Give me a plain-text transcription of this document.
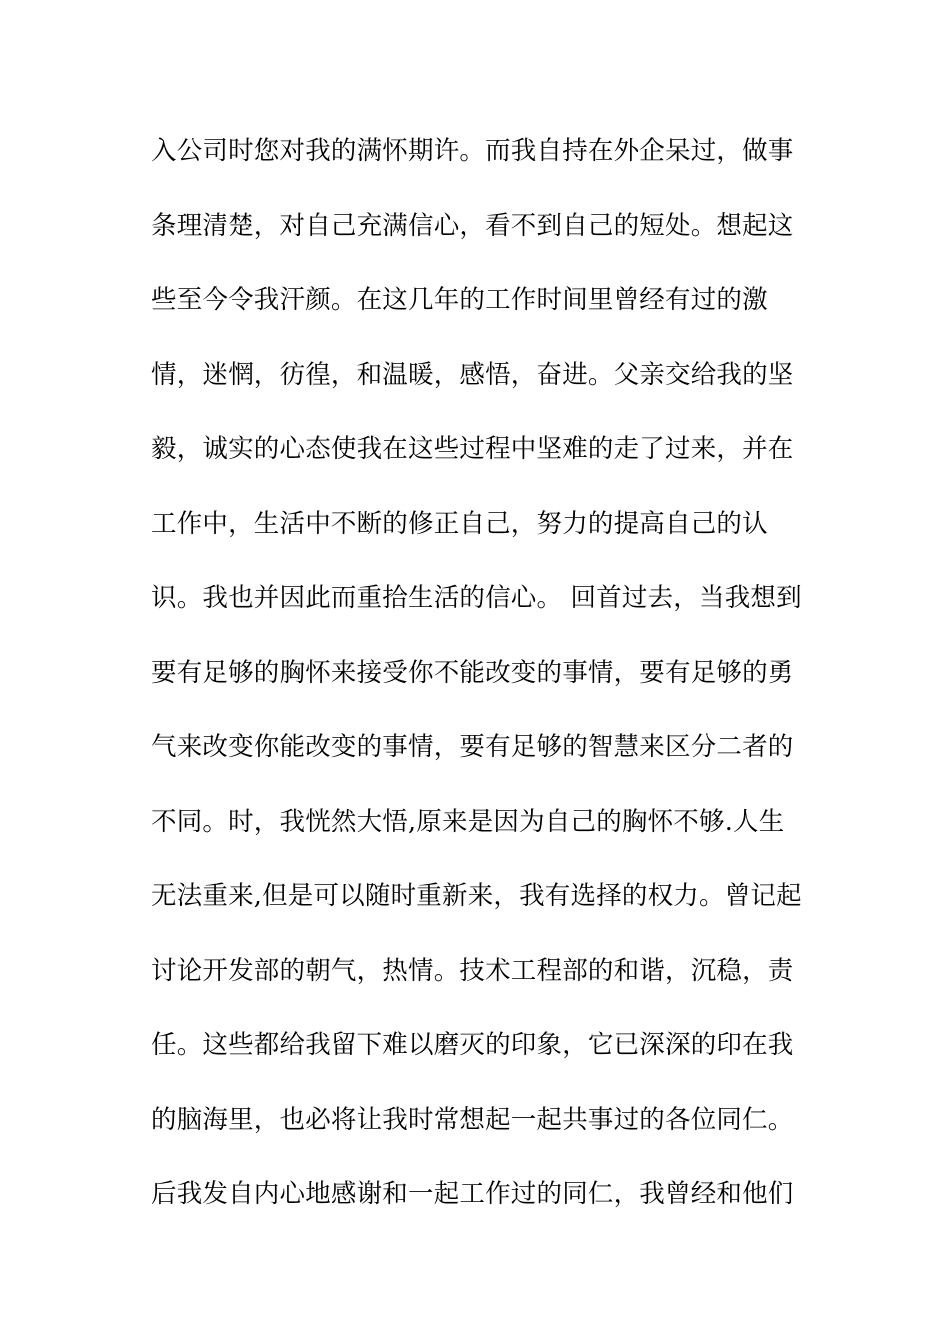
入公司时您对我的满怀期许。而我自持在外企呆过，做事
条理清楚，对自己充满信心，看不到自己的短处。想起这
些至今令我汗颜。在这几年的工作时间里曾经有过的激
情，迷惘，彷徨，和温暖，感悟，奋进。父亲交给我的坚
毅，诚实的心态使我在这些过程中坚难的走了过来，并在
工作中，生活中不断的修正自己，努力的提高自己的认
识。我也并因此而重拾生活的信心。 回首过去，当我想到
要有足够的胸怀来接受你不能改变的事情，要有足够的勇
气来改变你能改变的事情，要有足够的智慧来区分二者的
不同。时，我恍然大悟,原来是因为自己的胸怀不够.人生
无法重来,但是可以随时重新来，我有选择的权力。曾记起
讨论开发部的朝气，热情。技术工程部的和谐，沉稳，责
任。这些都给我留下难以磨灭的印象，它已深深的印在我
的脑海里，也必将让我时常想起一起共事过的各位同仁。
后我发自内心地感谢和一起工作过的同仁，我曾经和他们
